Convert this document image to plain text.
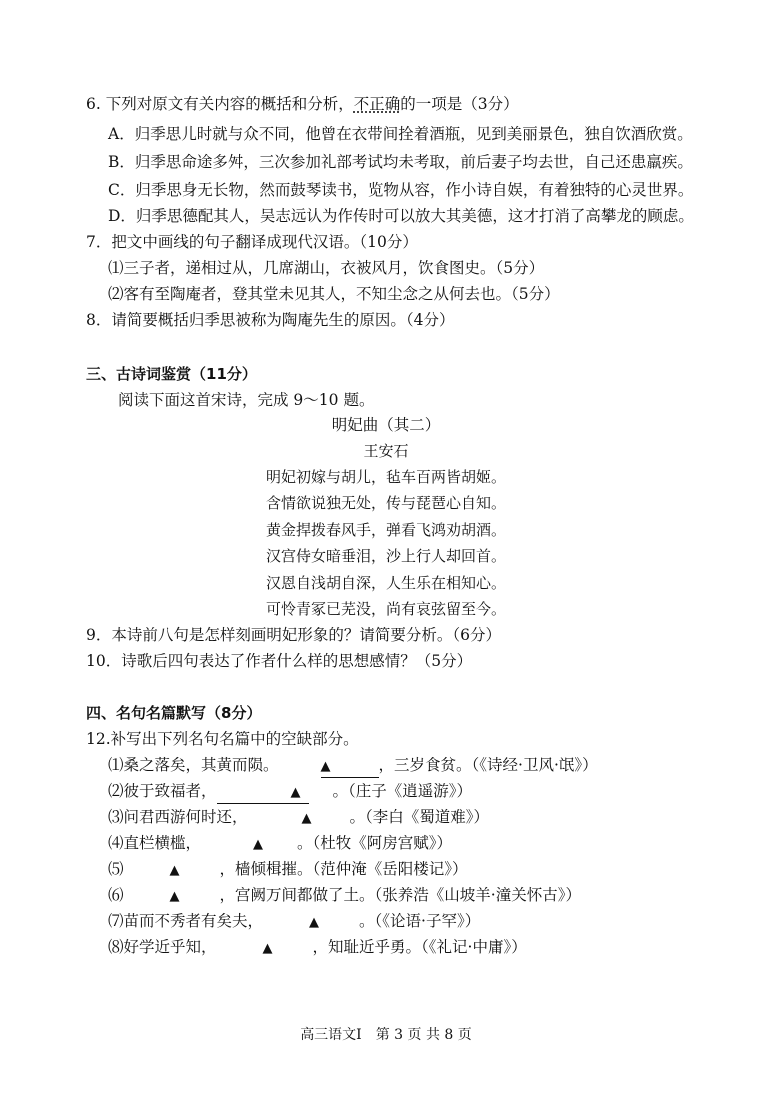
6. 下列对原文有关内容的概括和分析，不正确的一项是（3分）
A．归季思儿时就与众不同，他曾在衣带间拴着酒瓶，见到美丽景色，独自饮酒欣赏。
B．归季思命途多舛，三次参加礼部考试均未考取，前后妻子均去世，自己还患羸疾。
C．归季思身无长物，然而鼓琴读书，览物从容，作小诗自娱，有着独特的心灵世界。
D．归季思德配其人，吴志远认为作传时可以放大其美德，这才打消了高攀龙的顾虑。
7．把文中画线的句子翻译成现代汉语。（10分）
⑴三子者，递相过从，几席湖山，衣被风月，饮食图史。（5分）
⑵客有至陶庵者，登其堂未见其人，不知尘念之从何去也。（5分）
8．请简要概括归季思被称为陶庵先生的原因。（4分）
三、古诗词鉴赏（11分）
阅读下面这首宋诗，完成 9～10 题。
明妃曲（其二）
王安石
明妃初嫁与胡儿，毡车百两皆胡姬。
含情欲说独无处，传与琵琶心自知。
黄金捍拨春风手，弹看飞鸿劝胡酒。
汉宫侍女暗垂泪，沙上行人却回首。
汉恩自浅胡自深，人生乐在相知心。
可怜青冢已芜没，尚有哀弦留至今。
9．本诗前八句是怎样刻画明妃形象的？请简要分析。（6分）
10．诗歌后四句表达了作者什么样的思想感情？（5分）
四、名句名篇默写（8分）
12.补写出下列名句名篇中的空缺部分。
⑴桑之落矣，其黄而陨。	▲	，三岁食贫。（《诗经·卫风·氓》）
⑵彼于致福者，	▲ 。（庄子《逍遥游》）
⑶问君西游何时还，	▲ 。（李白《蜀道难》）
⑷直栏横槛，	▲ 。（杜牧《阿房宫赋》）
⑸	▲	，樯倾楫摧。（范仲淹《岳阳楼记》）
⑹	▲	，宫阙万间都做了土。（张养浩《山坡羊·潼关怀古》）
⑺苗而不秀者有矣夫，	▲	。（《论语·子罕》）
⑻好学近乎知，	▲	，知耻近乎勇。（《礼记·中庸》）
高三语文Ⅰ　第 3 页 共 8 页
